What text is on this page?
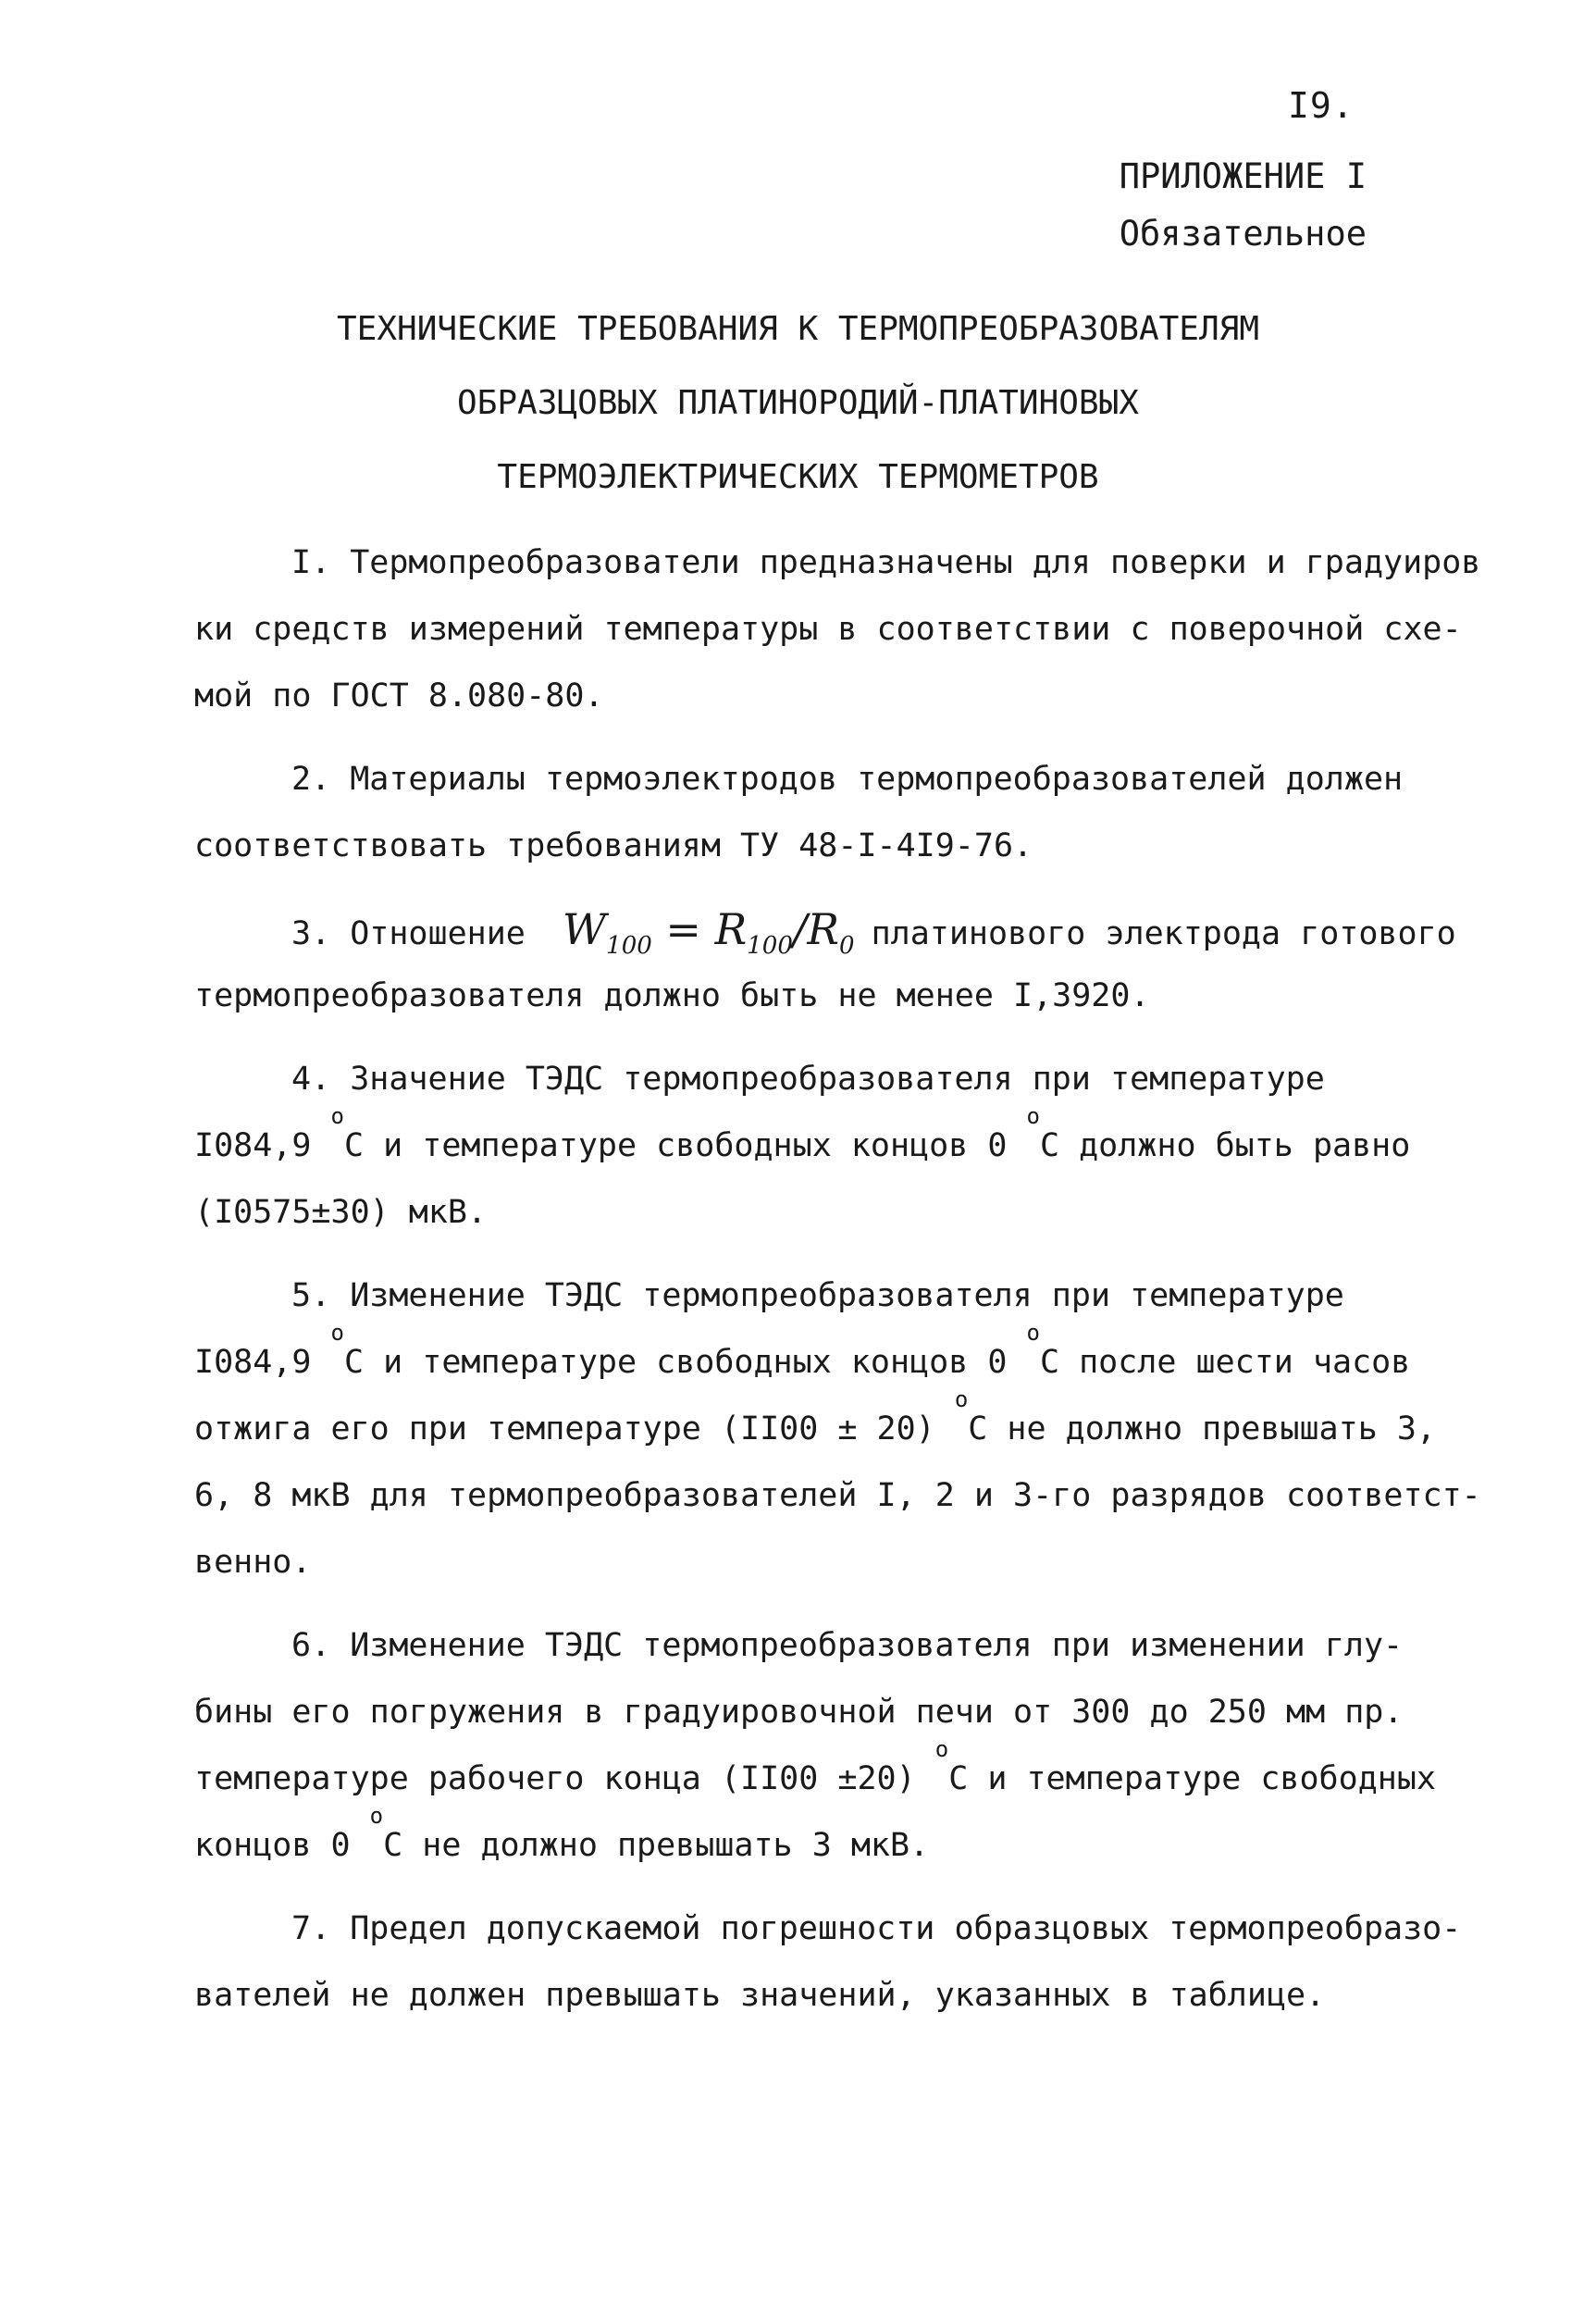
I9.
ПРИЛОЖЕНИЕ I
Обязательное
ТЕХНИЧЕСКИЕ ТРЕБОВАНИЯ К ТЕРМОПРЕОБРАЗОВАТЕЛЯМ
ОБРАЗЦОВЫХ ПЛАТИНОРОДИЙ-ПЛАТИНОВЫХ
ТЕРМОЭЛЕКТРИЧЕСКИХ ТЕРМОМЕТРОВ
I. Термопреобразователи предназначены для поверки и градуиров
ки средств измерений температуры в соответствии с поверочной схе-
мой по ГОСТ 8.080-80.
2. Материалы термоэлектродов термопреобразователей должен
соответствовать требованиям ТУ 48-I-4I9-76.
3. Отношение $W_{100} = R_{100}/R_0$ платинового электрода готового
термопреобразователя должно быть не менее I,3920.
4. Значение ТЭДС термопреобразователя при температуре
I084,9 $^о$С и температуре свободных концов 0 $^о$С должно быть равно
(I0575±30) мкВ.
5. Изменение ТЭДС термопреобразователя при температуре
I084,9 $^о$С и температуре свободных концов 0 $^о$С после шести часов
отжига его при температуре (II00 ± 20) $^о$С не должно превышать 3,
6, 8 мкВ для термопреобразователей I, 2 и 3-го разрядов соответст-
венно.
6. Изменение ТЭДС термопреобразователя при изменении глу-
бины его погружения в градуировочной печи от 300 до 250 мм пр.
температуре рабочего конца (II00 ±20) $^о$С и температуре свободных
концов 0 $^о$С не должно превышать 3 мкВ.
7. Предел допускаемой погрешности образцовых термопреобразо-
вателей не должен превышать значений, указанных в таблице.
